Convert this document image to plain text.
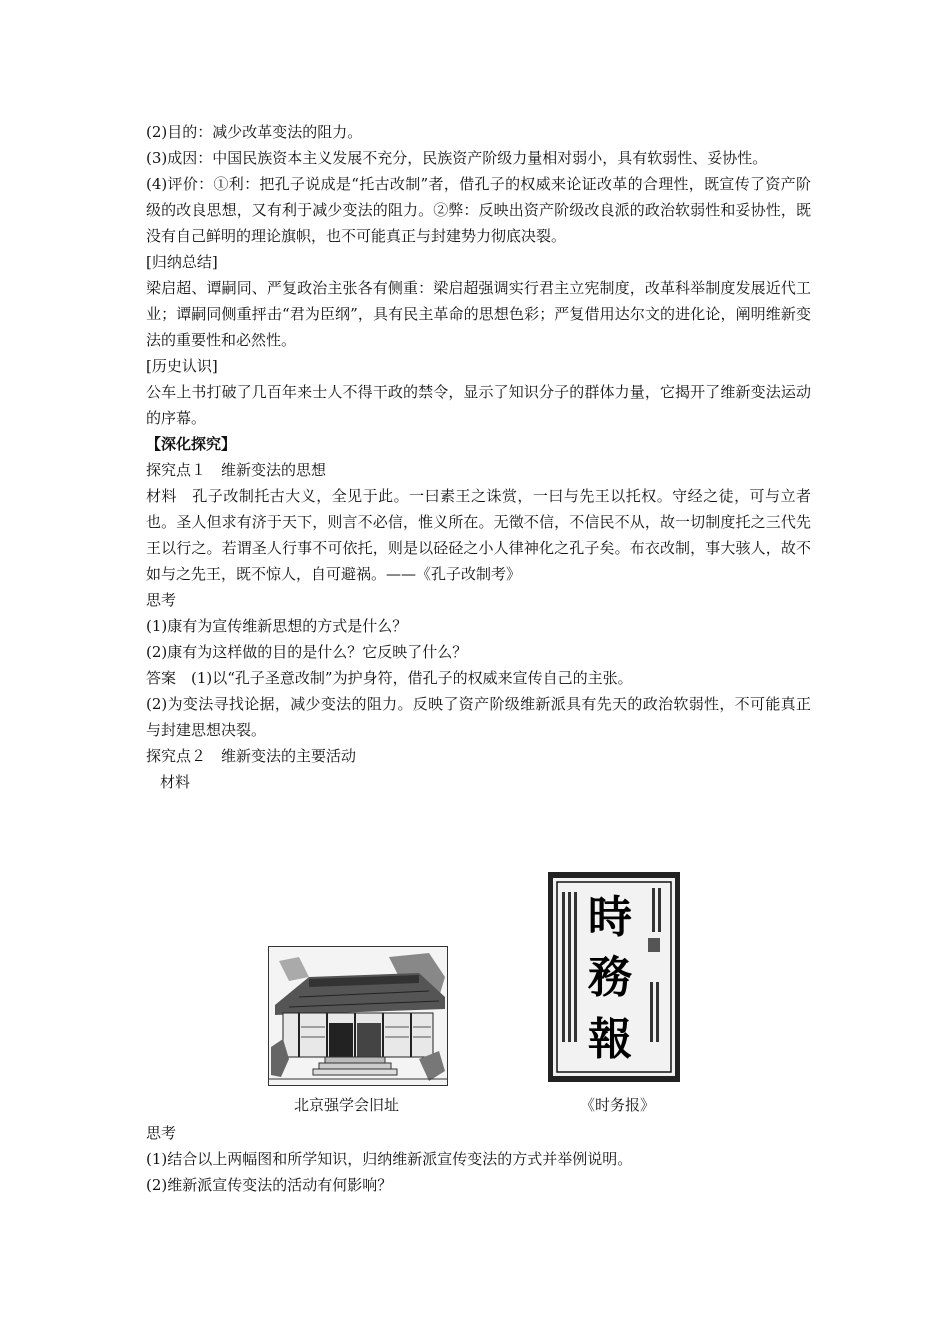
(2)目的：减少改革变法的阻力。

(3)成因：中国民族资本主义发展不充分，民族资产阶级力量相对弱小，具有软弱性、妥协性。

(4)评价：①利：把孔子说成是“托古改制”者，借孔子的权威来论证改革的合理性，既宣传了资产阶级的改良思想，又有利于减少变法的阻力。②弊：反映出资产阶级改良派的政治软弱性和妥协性，既没有自己鲜明的理论旗帜，也不可能真正与封建势力彻底决裂。

[归纳总结]

梁启超、谭嗣同、严复政治主张各有侧重：梁启超强调实行君主立宪制度，改革科举制度发展近代工业；谭嗣同侧重抨击“君为臣纲”，具有民主革命的思想色彩；严复借用达尔文的进化论，阐明维新变法的重要性和必然性。

[历史认识]

公车上书打破了几百年来士人不得干政的禁令，显示了知识分子的群体力量，它揭开了维新变法运动的序幕。

【深化探究】

探究点１　维新变法的思想

材料　孔子改制托古大义，全见于此。一曰素王之诛赏，一曰与先王以托权。守经之徒，可与立者也。圣人但求有济于天下，则言不必信，惟义所在。无徵不信，不信民不从，故一切制度托之三代先王以行之。若谓圣人行事不可依托，则是以硁硁之小人律神化之孔子矣。布衣改制，事大骇人，故不如与之先王，既不惊人，自可避祸。——《孔子改制考》

思考

(1)康有为宣传维新思想的方式是什么？

(2)康有为这样做的目的是什么？它反映了什么？

答案　(1)以“孔子圣意改制”为护身符，借孔子的权威来宣传自己的主张。

(2)为变法寻找论据，减少变法的阻力。反映了资产阶级维新派具有先天的政治软弱性，不可能真正与封建思想决裂。

探究点２　维新变法的主要活动

材料

時
務
報
北京强学会旧址	《时务报》

思考

(1)结合以上两幅图和所学知识，归纳维新派宣传变法的方式并举例说明。

(2)维新派宣传变法的活动有何影响？
